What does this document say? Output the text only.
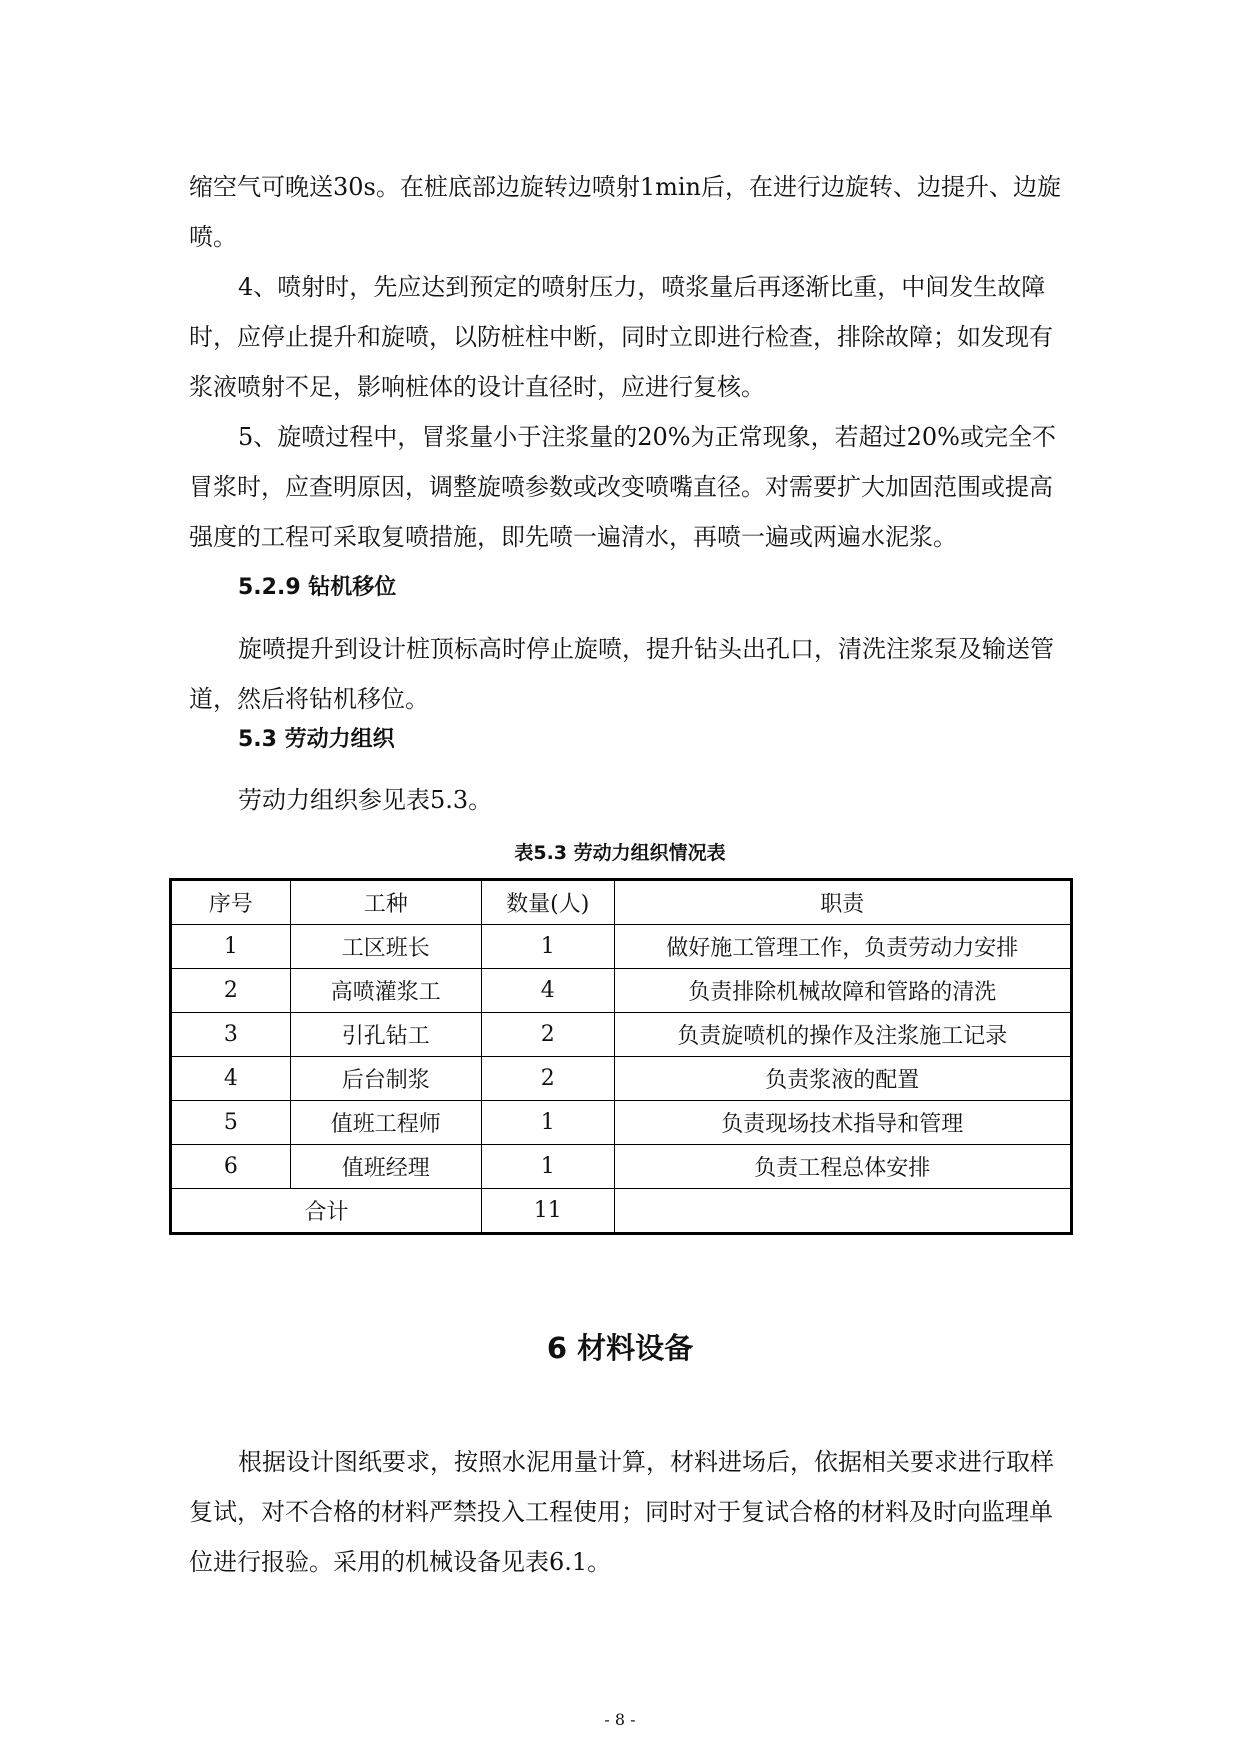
缩空气可晚送30s。在桩底部边旋转边喷射1min后，在进行边旋转、边提升、边旋喷。

4、喷射时，先应达到预定的喷射压力，喷浆量后再逐渐比重，中间发生故障时，应停止提升和旋喷，以防桩柱中断，同时立即进行检查，排除故障；如发现有浆液喷射不足，影响桩体的设计直径时，应进行复核。

5、旋喷过程中，冒浆量小于注浆量的20%为正常现象，若超过20%或完全不冒浆时，应查明原因，调整旋喷参数或改变喷嘴直径。对需要扩大加固范围或提高强度的工程可采取复喷措施，即先喷一遍清水，再喷一遍或两遍水泥浆。

5.2.9 钻机移位

旋喷提升到设计桩顶标高时停止旋喷，提升钻头出孔口，清洗注浆泵及输送管道，然后将钻机移位。

5.3 劳动力组织

劳动力组织参见表5.3。

表5.3 劳动力组织情况表

序号	工种	数量(人)	职责
1	工区班长	1	做好施工管理工作，负责劳动力安排
2	高喷灌浆工	4	负责排除机械故障和管路的清洗
3	引孔钻工	2	负责旋喷机的操作及注浆施工记录
4	后台制浆	2	负责浆液的配置
5	值班工程师	1	负责现场技术指导和管理
6	值班经理	1	负责工程总体安排
合计		11	
6 材料设备

根据设计图纸要求，按照水泥用量计算，材料进场后，依据相关要求进行取样复试，对不合格的材料严禁投入工程使用；同时对于复试合格的材料及时向监理单位进行报验。采用的机械设备见表6.1。

- 8 -
